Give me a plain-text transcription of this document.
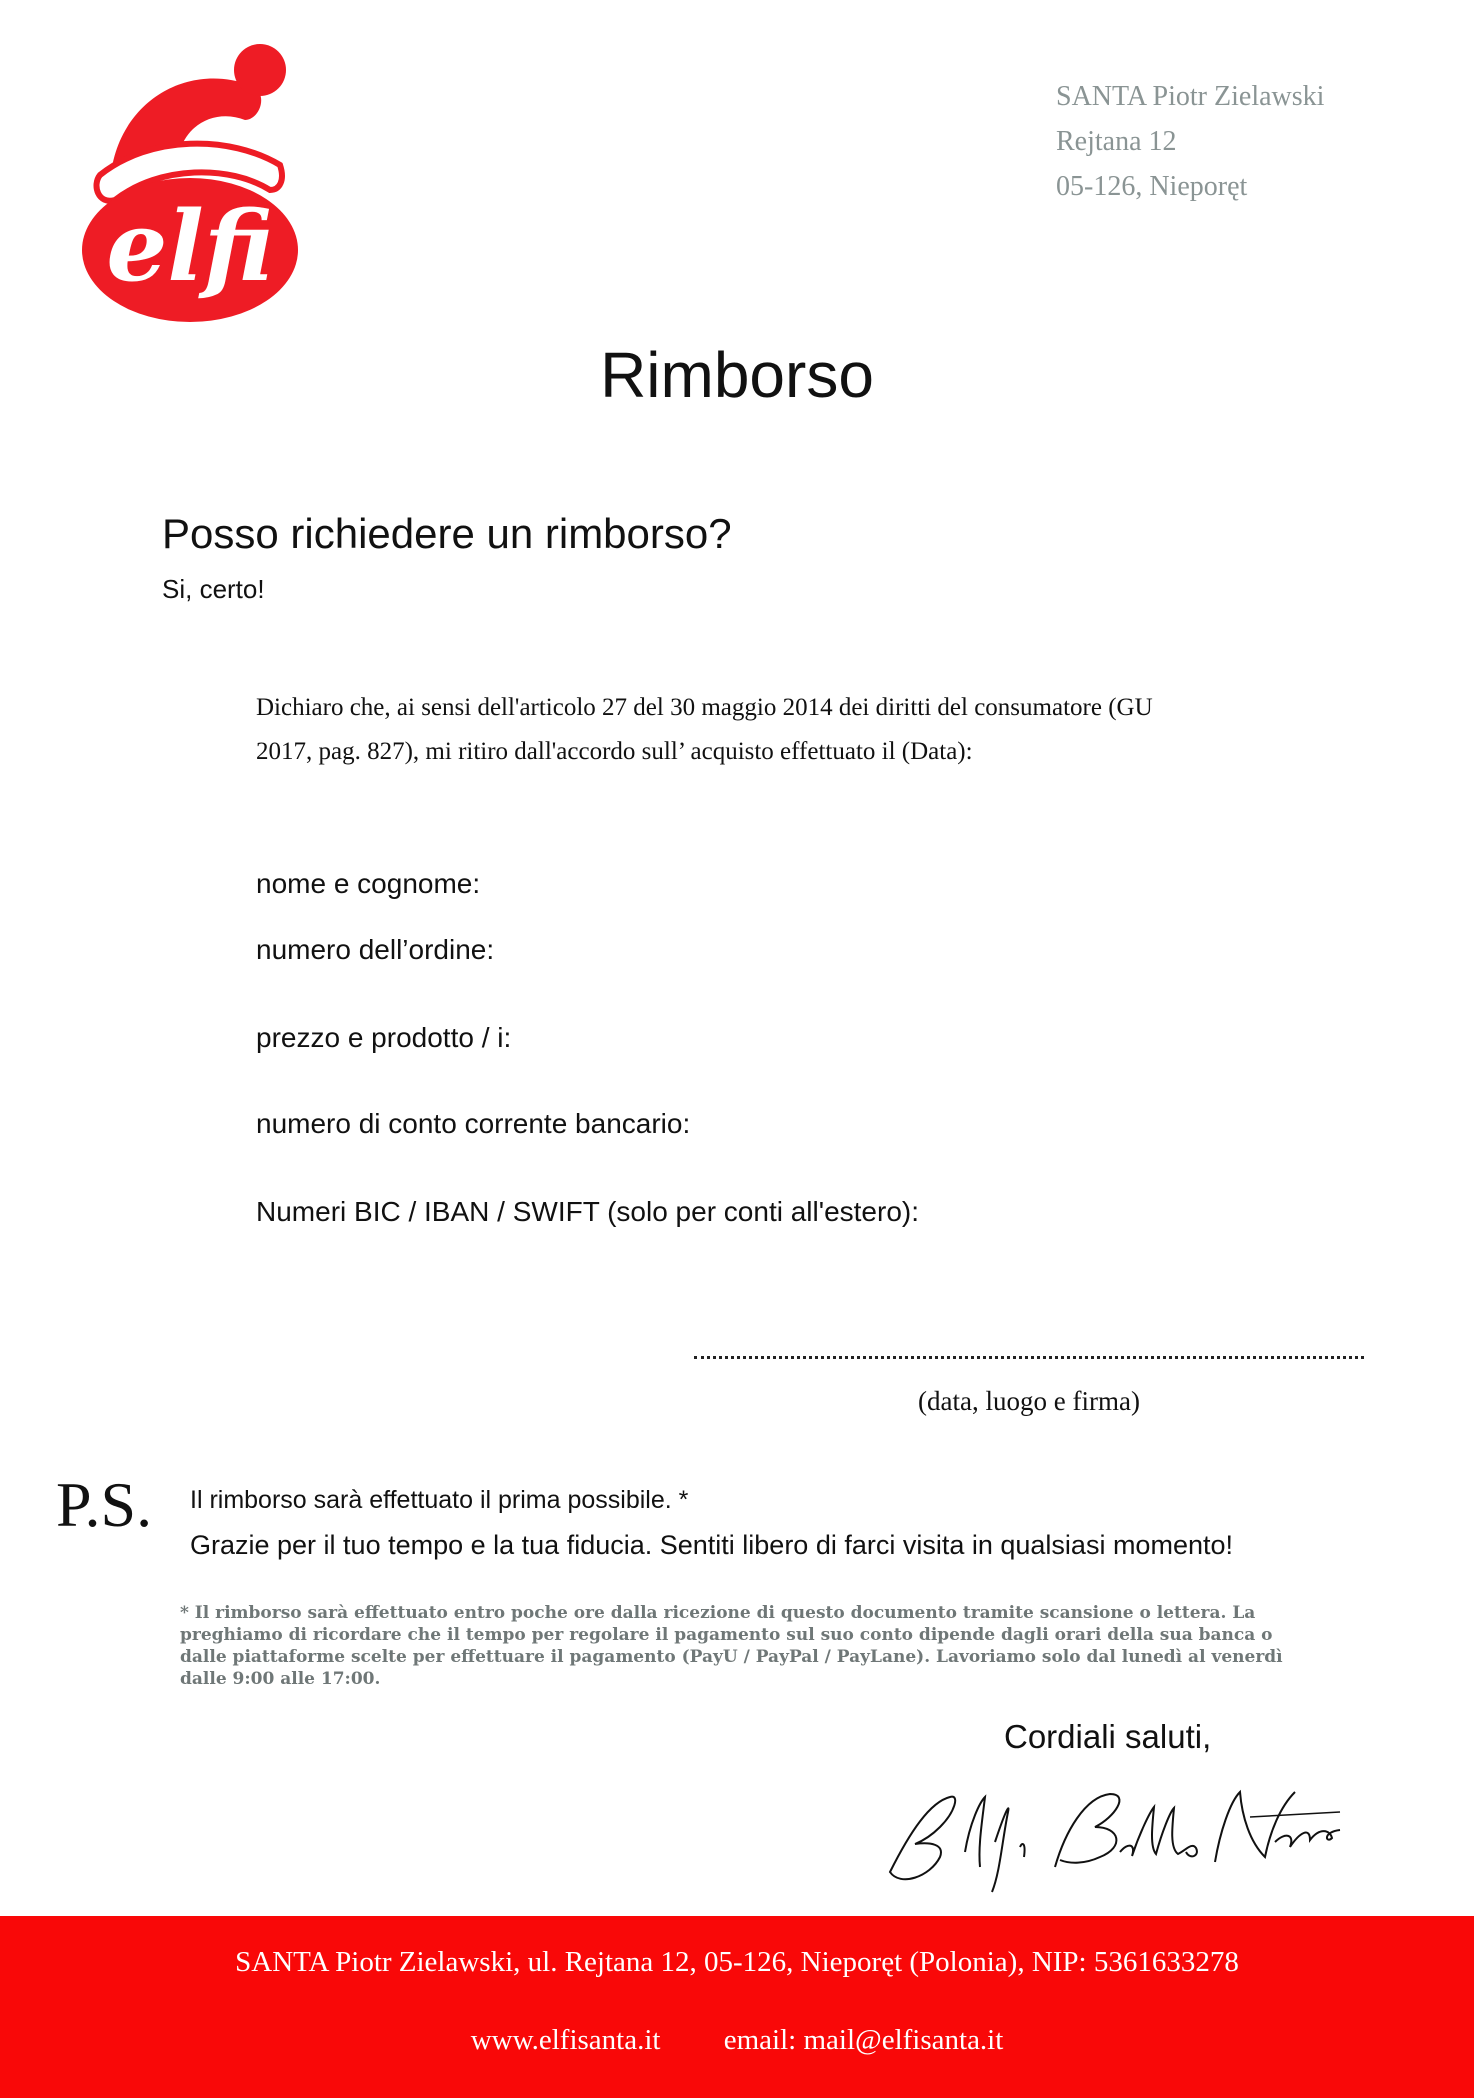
elfi
SANTA Piotr Zielawski
Rejtana 12
05-126, Nieporęt
Rimborso
Posso richiedere un rimborso?
Si, certo!
Dichiaro che, ai sensi dell'articolo 27 del 30 maggio 2014 dei diritti del consumatore (GU 2017, pag. 827), mi ritiro dall'accordo sull’ acquisto effettuato il (Data):
nome e cognome:
numero dell’ordine:
prezzo e prodotto / i:
numero di conto corrente bancario:
Numeri BIC / IBAN / SWIFT (solo per conti all'estero):
(data, luogo e firma)
P.S. Il rimborso sarà effettuato il prima possibile. *
Grazie per il tuo tempo e la tua fiducia. Sentiti libero di farci visita in qualsiasi momento!
* Il rimborso sarà effettuato entro poche ore dalla ricezione di questo documento tramite scansione o lettera. La preghiamo di ricordare che il tempo per regolare il pagamento sul suo conto dipende dagli orari della sua banca o dalle piattaforme scelte per effettuare il pagamento (PayU / PayPal / PayLane). Lavoriamo solo dal lunedì al venerdì dalle 9:00 alle 17:00.
Cordiali saluti,
SANTA Piotr Zielawski, ul. Rejtana 12, 05-126, Nieporęt (Polonia), NIP: 5361633278
www.elfisanta.it email: mail@elfisanta.it
